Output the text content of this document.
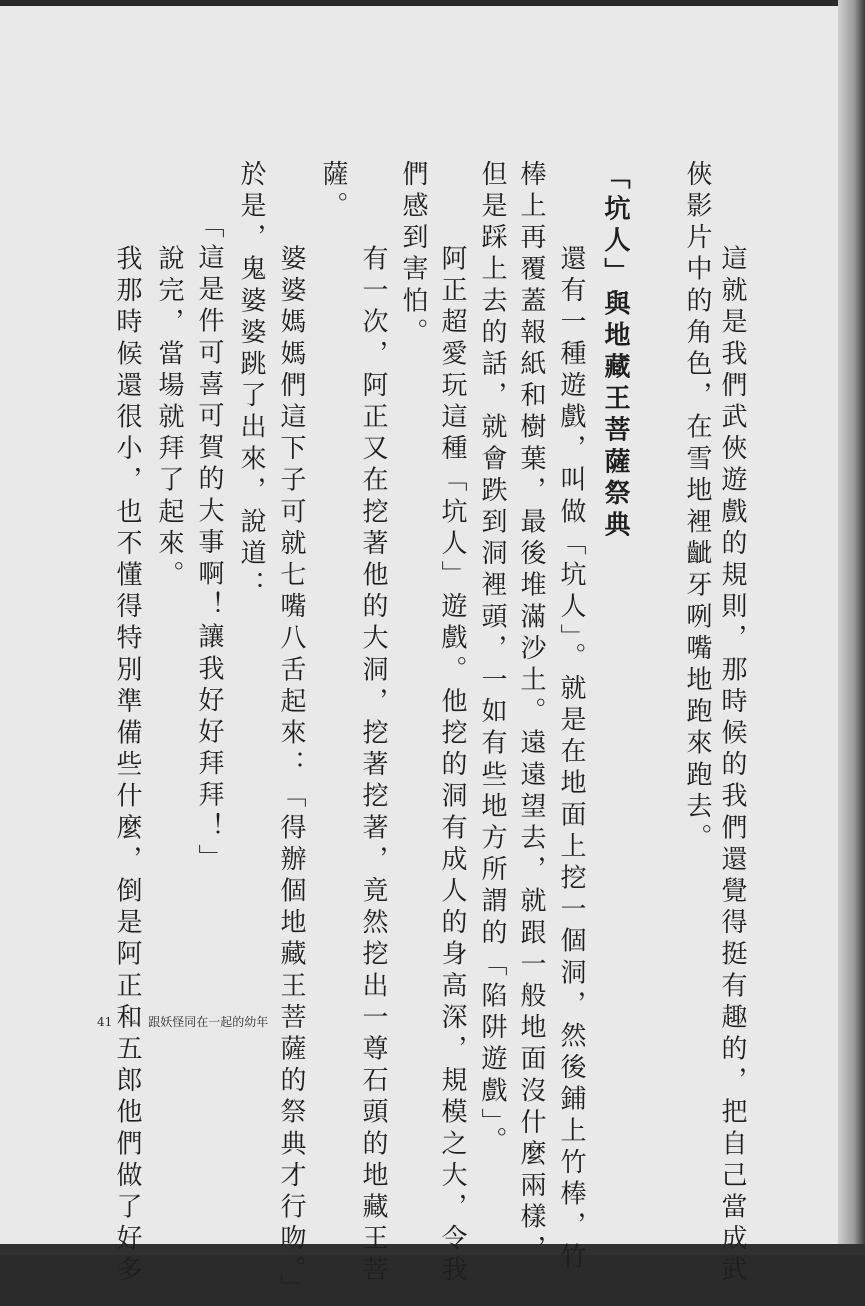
　這就是我們武俠遊戲的規則，那時候的我們還覺得挺有趣的，把自己當成武
俠影片中的角色，在雪地裡齜牙咧嘴地跑來跑去。
「坑人」與地藏王菩薩祭典
　還有一種遊戲，叫做「坑人」。就是在地面上挖一個洞，然後鋪上竹棒，竹
棒上再覆蓋報紙和樹葉，最後堆滿沙土。遠遠望去，就跟一般地面沒什麼兩樣，
但是踩上去的話，就會跌到洞裡頭，一如有些地方所謂的「陷阱遊戲」。
　阿正超愛玩這種「坑人」遊戲。他挖的洞有成人的身高深，規模之大，令我
們感到害怕。
　有一次，阿正又在挖著他的大洞，挖著挖著，竟然挖出一尊石頭的地藏王菩
薩。
　婆婆媽媽們這下子可就七嘴八舌起來：「得辦個地藏王菩薩的祭典才行吻。」
於是，鬼婆婆跳了出來，說道：
「這是件可喜可賀的大事啊！讓我好好拜拜！」
　說完，當場就拜了起來。
　我那時候還很小，也不懂得特別準備些什麼，倒是阿正和五郎他們做了好多
41 一、跟妖怪同在一起的幼年
